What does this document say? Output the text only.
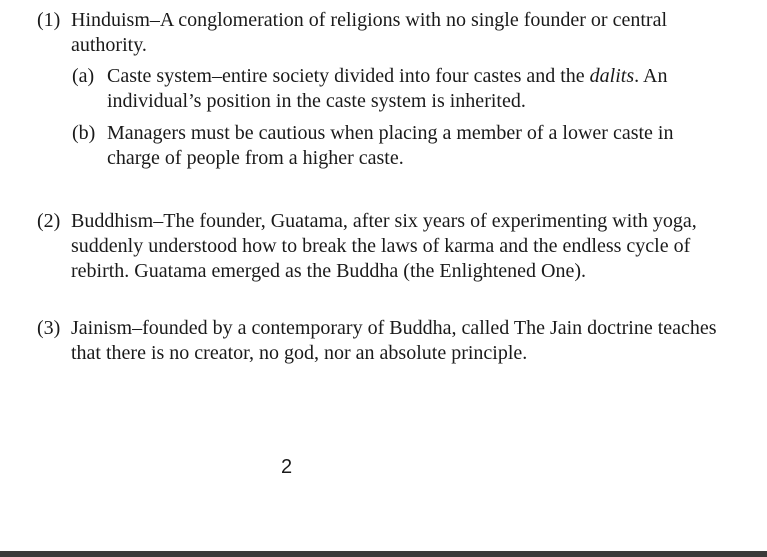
(1) Hinduism–A conglomeration of religions with no single founder or central authority.
(a) Caste system–entire society divided into four castes and the dalits. An individual’s position in the caste system is inherited.
(b) Managers must be cautious when placing a member of a lower caste in charge of people from a higher caste.
(2) Buddhism–The founder, Guatama, after six years of experimenting with yoga, suddenly understood how to break the laws of karma and the endless cycle of rebirth. Guatama emerged as the Buddha (the Enlightened One).
(3) Jainism–founded by a contemporary of Buddha, called The Jain doctrine teaches that there is no creator, no god, nor an absolute principle.
2
